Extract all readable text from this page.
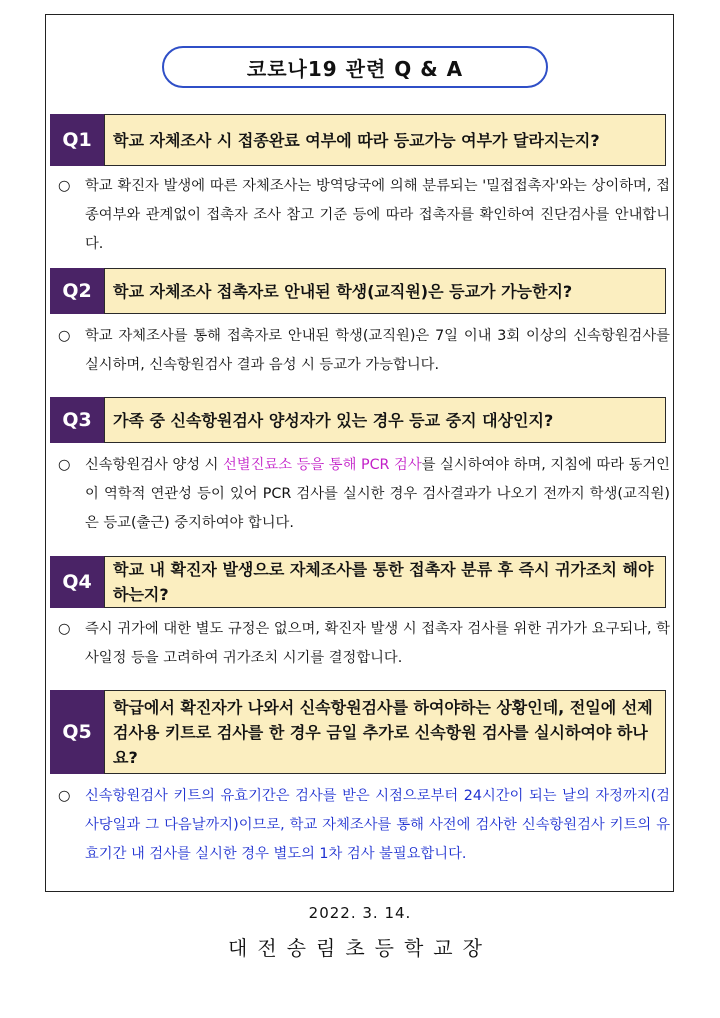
코로나19 관련 Q & A
Q1	학교 자체조사 시 접종완료 여부에 따라 등교가능 여부가 달라지는지?
○	학교 확진자 발생에 따른 자체조사는 방역당국에 의해 분류되는 '밀접접촉자'와는 상이하며, 접종여부와 관계없이 접촉자 조사 참고 기준 등에 따라 접촉자를 확인하여 진단검사를 안내합니다.
Q2	학교 자체조사 접촉자로 안내된 학생(교직원)은 등교가 가능한지?
○	학교 자체조사를 통해 접촉자로 안내된 학생(교직원)은 7일 이내 3회 이상의 신속항원검사를 실시하며, 신속항원검사 결과 음성 시 등교가 가능합니다.
Q3	가족 중 신속항원검사 양성자가 있는 경우 등교 중지 대상인지?
○	신속항원검사 양성 시 선별진료소 등을 통해 PCR 검사를 실시하여야 하며, 지침에 따라 동거인이 역학적 연관성 등이 있어 PCR 검사를 실시한 경우 검사결과가 나오기 전까지 학생(교직원)은 등교(출근) 중지하여야 합니다.
Q4
학교 내 확진자 발생으로 자체조사를 통한 접촉자 분류 후 즉시 귀가조치 해야하는지?
○	즉시 귀가에 대한 별도 규정은 없으며, 확진자 발생 시 접촉자 검사를 위한 귀가가 요구되나, 학사일정 등을 고려하여 귀가조치 시기를 결정합니다.
Q5
학급에서 확진자가 나와서 신속항원검사를 하여야하는 상황인데, 전일에 선제검사용 키트로 검사를 한 경우 금일 추가로 신속항원 검사를 실시하여야 하나요?
○	신속항원검사 키트의 유효기간은 검사를 받은 시점으로부터 24시간이 되는 날의 자정까지(검사당일과 그 다음날까지)이므로, 학교 자체조사를 통해 사전에 검사한 신속항원검사 키트의 유효기간 내 검사를 실시한 경우 별도의 1차 검사 불필요합니다.
2022. 3. 14.
대전송림초등학교장
